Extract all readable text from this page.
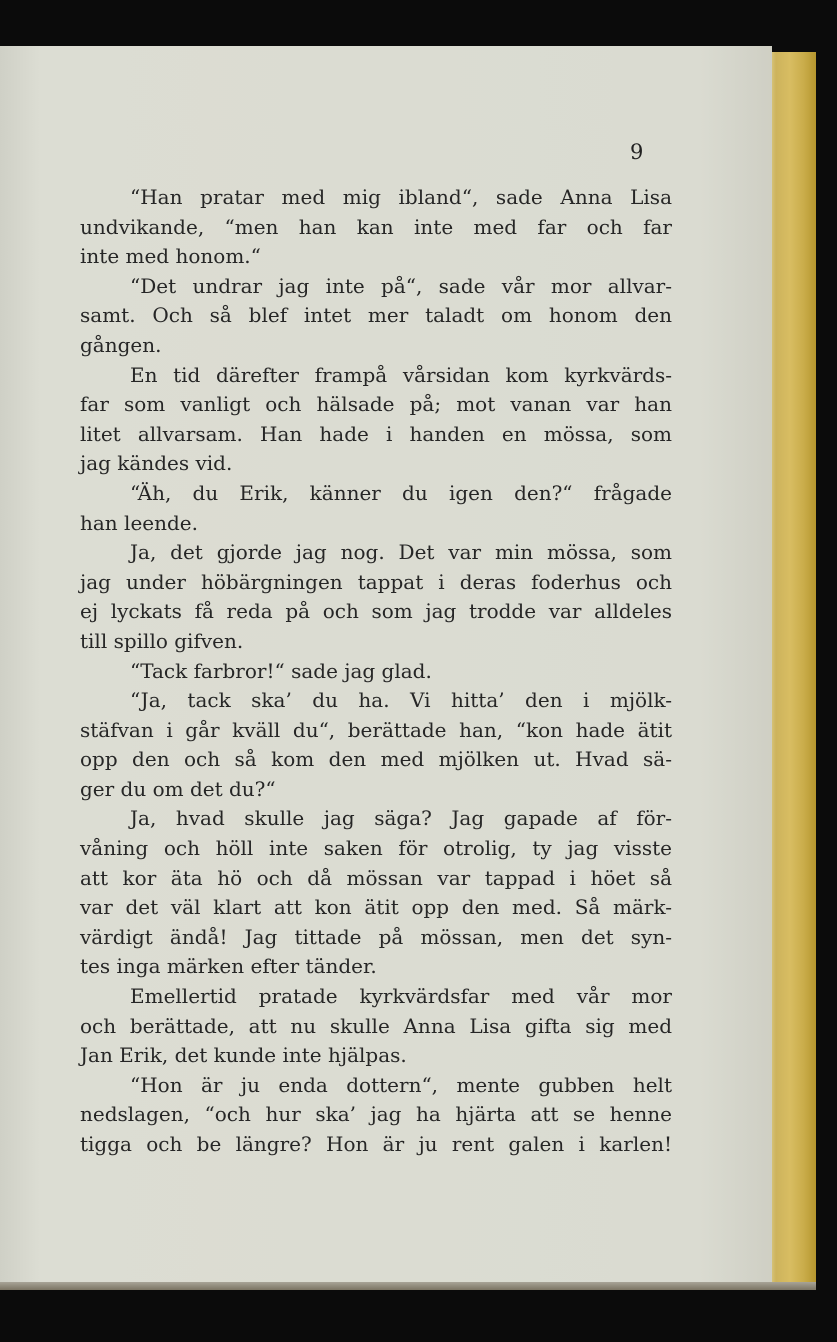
9
“Han pratar med mig ibland“, sade Anna Lisa
undvikande, “men han kan inte med far och far
inte med honom.“
“Det undrar jag inte på“, sade vår mor allvar-
samt. Och så blef intet mer taladt om honom den
gången.
En tid därefter frampå vårsidan kom kyrkvärds-
far som vanligt och hälsade på; mot vanan var han
litet allvarsam. Han hade i handen en mössa, som
jag kändes vid.
“Äh, du Erik, känner du igen den?“ frågade
han leende.
Ja, det gjorde jag nog. Det var min mössa, som
jag under höbärgningen tappat i deras foderhus och
ej lyckats få reda på och som jag trodde var alldeles
till spillo gifven.
“Tack farbror!“ sade jag glad.
“Ja, tack ska’ du ha. Vi hitta’ den i mjölk-
stäfvan i går kväll du“, berättade han, “kon hade ätit
opp den och så kom den med mjölken ut. Hvad sä-
ger du om det du?“
Ja, hvad skulle jag säga? Jag gapade af för-
våning och höll inte saken för otrolig, ty jag visste
att kor äta hö och då mössan var tappad i höet så
var det väl klart att kon ätit opp den med. Så märk-
värdigt ändå! Jag tittade på mössan, men det syn-
tes inga märken efter tänder.
Emellertid pratade kyrkvärdsfar med vår mor
och berättade, att nu skulle Anna Lisa gifta sig med
Jan Erik, det kunde inte hjälpas.
“Hon är ju enda dottern“, mente gubben helt
nedslagen, “och hur ska’ jag ha hjärta att se henne
tigga och be längre? Hon är ju rent galen i karlen!
